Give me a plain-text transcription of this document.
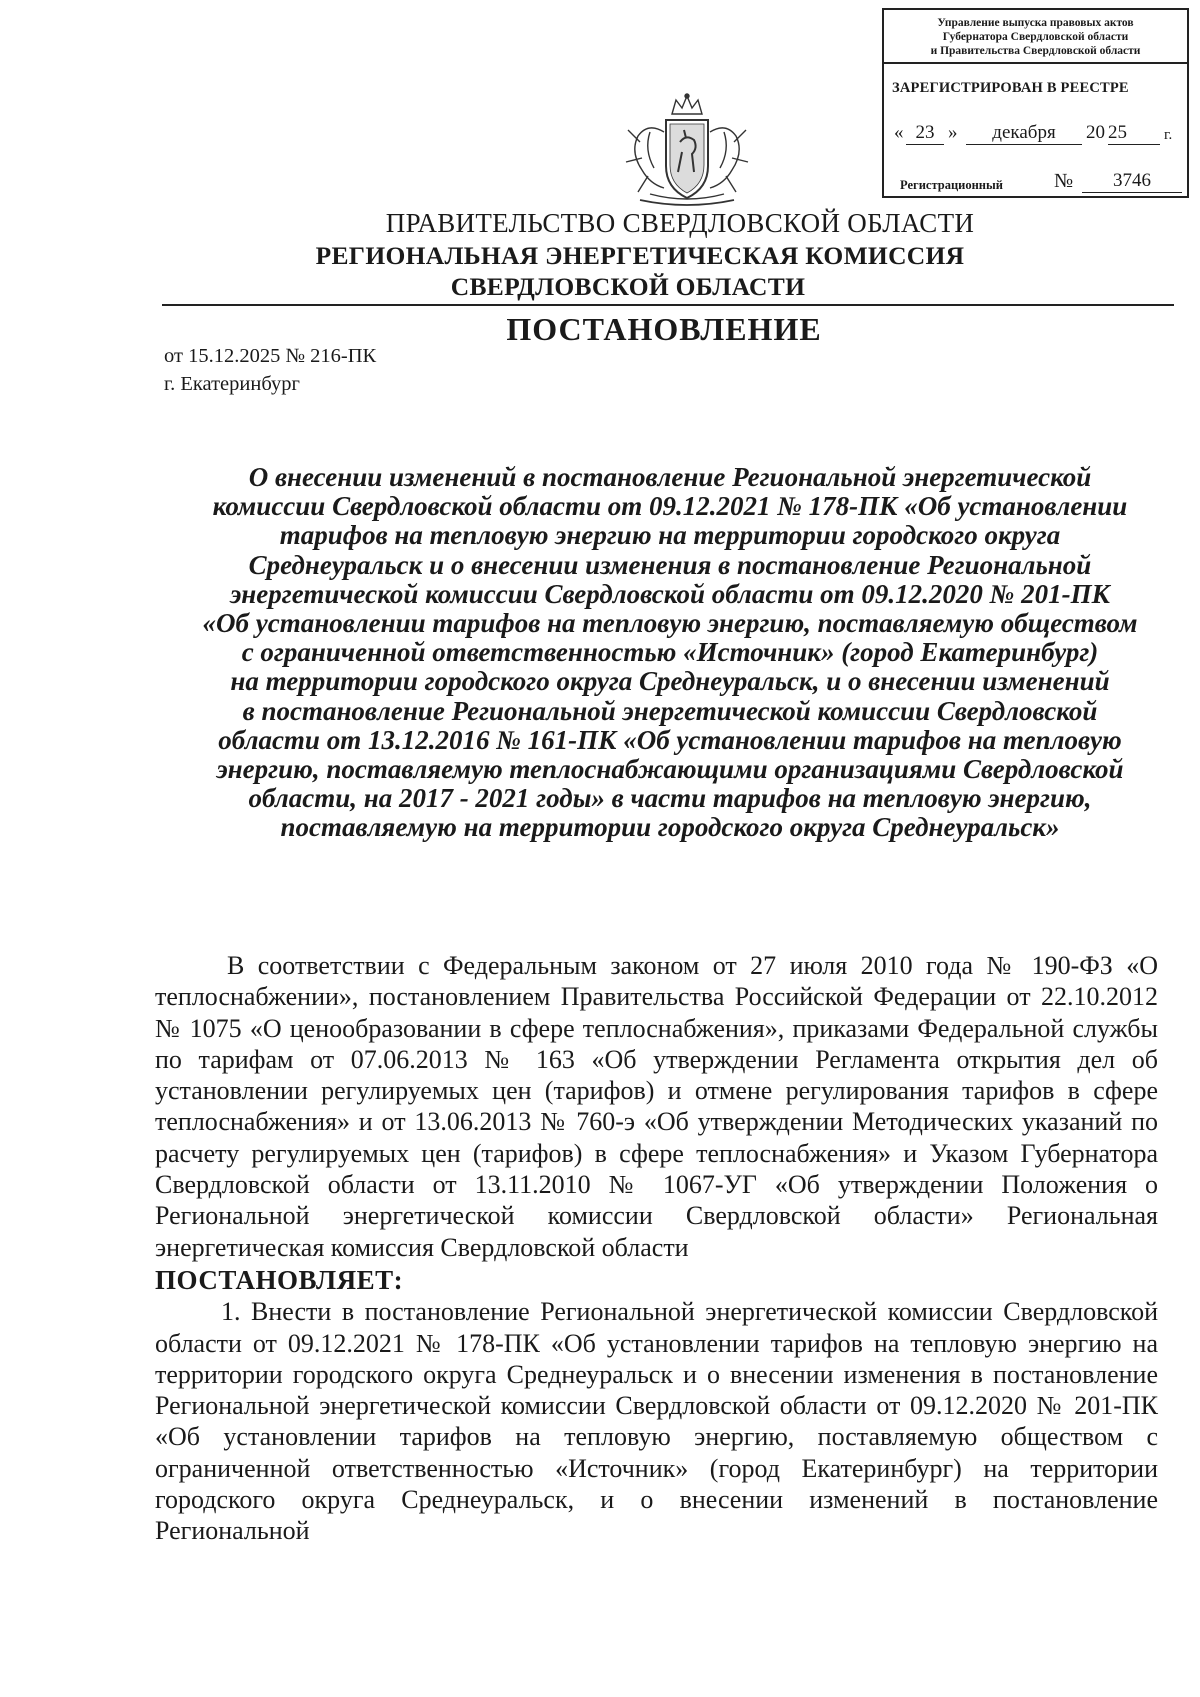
Управление выпуска правовых актов
Губернатора Свердловской области
и Правительства Свердловской области
ЗАРЕГИСТРИРОВАН В РЕЕСТРЕ
« 23 »	декабря	20 25	г.
Регистрационный	№	3746
ПРАВИТЕЛЬСТВО СВЕРДЛОВСКОЙ ОБЛАСТИ
РЕГИОНАЛЬНАЯ ЭНЕРГЕТИЧЕСКАЯ КОМИССИЯ
СВЕРДЛОВСКОЙ ОБЛАСТИ
ПОСТАНОВЛЕНИЕ
от 15.12.2025 № 216-ПК
г. Екатеринбург
О внесении изменений в постановление Региональной энергетической
комиссии Свердловской области от 09.12.2021 № 178-ПК «Об установлении
тарифов на тепловую энергию на территории городского округа
Среднеуральск и о внесении изменения в постановление Региональной
энергетической комиссии Свердловской области от 09.12.2020 № 201-ПК
«Об установлении тарифов на тепловую энергию, поставляемую обществом
с ограниченной ответственностью «Источник» (город Екатеринбург)
на территории городского округа Среднеуральск, и о внесении изменений
в постановление Региональной энергетической комиссии Свердловской
области от 13.12.2016 № 161-ПК «Об установлении тарифов на тепловую
энергию, поставляемую теплоснабжающими организациями Свердловской
области, на 2017 - 2021 годы» в части тарифов на тепловую энергию,
поставляемую на территории городского округа Среднеуральск»

В соответствии с Федеральным законом от 27 июля 2010 года № 190-ФЗ «О теплоснабжении», постановлением Правительства Российской Федерации от 22.10.2012 № 1075 «О ценообразовании в сфере теплоснабжения», приказами Федеральной службы по тарифам от 07.06.2013 № 163 «Об утверждении Регламента открытия дел об установлении регулируемых цен (тарифов) и отмене регулирования тарифов в сфере теплоснабжения» и от 13.06.2013 № 760-э «Об утверждении Методических указаний по расчету регулируемых цен (тарифов) в сфере теплоснабжения» и Указом Губернатора Свердловской области от 13.11.2010 № 1067-УГ «Об утверждении Положения о Региональной энергетической комиссии Свердловской области» Региональная энергетическая комиссия Свердловской области

ПОСТАНОВЛЯЕТ:

1. Внести в постановление Региональной энергетической комиссии Свердловской области от 09.12.2021 № 178-ПК «Об установлении тарифов на тепловую энергию на территории городского округа Среднеуральск и о внесении изменения в постановление Региональной энергетической комиссии Свердловской области от 09.12.2020 № 201-ПК «Об установлении тарифов на тепловую энергию, поставляемую обществом с ограниченной ответственностью «Источник» (город Екатеринбург) на территории городского округа Среднеуральск, и о внесении изменений в постановление Региональной
